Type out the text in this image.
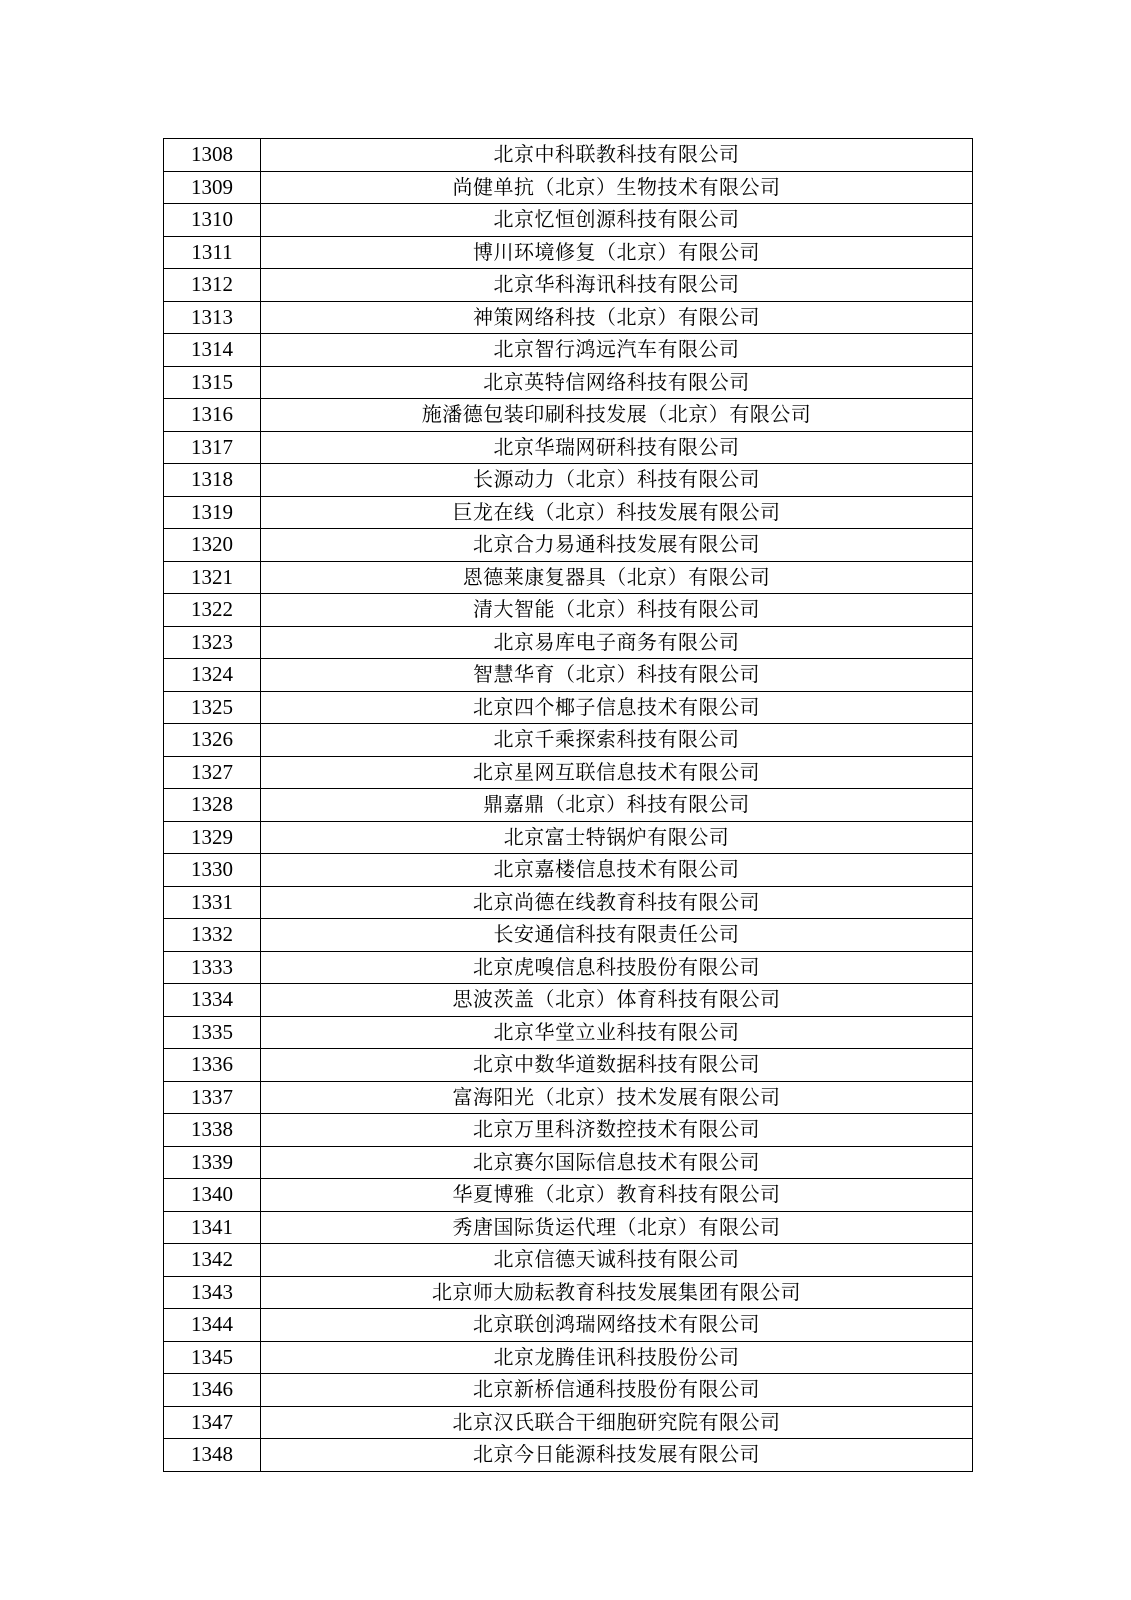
1308	北京中科联教科技有限公司
1309	尚健单抗（北京）生物技术有限公司
1310	北京忆恒创源科技有限公司
1311	博川环境修复（北京）有限公司
1312	北京华科海讯科技有限公司
1313	神策网络科技（北京）有限公司
1314	北京智行鸿远汽车有限公司
1315	北京英特信网络科技有限公司
1316	施潘德包装印刷科技发展（北京）有限公司
1317	北京华瑞网研科技有限公司
1318	长源动力（北京）科技有限公司
1319	巨龙在线（北京）科技发展有限公司
1320	北京合力易通科技发展有限公司
1321	恩德莱康复器具（北京）有限公司
1322	清大智能（北京）科技有限公司
1323	北京易库电子商务有限公司
1324	智慧华育（北京）科技有限公司
1325	北京四个椰子信息技术有限公司
1326	北京千乘探索科技有限公司
1327	北京星网互联信息技术有限公司
1328	鼎嘉鼎（北京）科技有限公司
1329	北京富士特锅炉有限公司
1330	北京嘉楼信息技术有限公司
1331	北京尚德在线教育科技有限公司
1332	长安通信科技有限责任公司
1333	北京虎嗅信息科技股份有限公司
1334	思波茨盖（北京）体育科技有限公司
1335	北京华堂立业科技有限公司
1336	北京中数华道数据科技有限公司
1337	富海阳光（北京）技术发展有限公司
1338	北京万里科济数控技术有限公司
1339	北京赛尔国际信息技术有限公司
1340	华夏博雅（北京）教育科技有限公司
1341	秀唐国际货运代理（北京）有限公司
1342	北京信德天诚科技有限公司
1343	北京师大励耘教育科技发展集团有限公司
1344	北京联创鸿瑞网络技术有限公司
1345	北京龙腾佳讯科技股份公司
1346	北京新桥信通科技股份有限公司
1347	北京汉氏联合干细胞研究院有限公司
1348	北京今日能源科技发展有限公司
